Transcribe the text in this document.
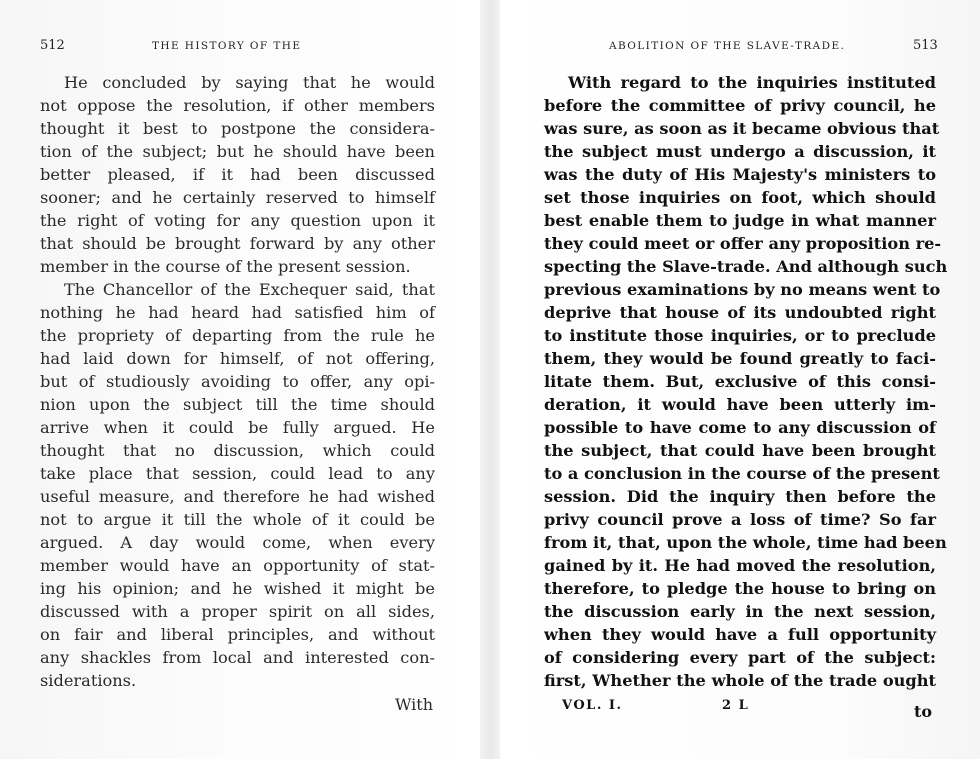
512	THE HISTORY OF THE
He concluded by saying that he would
not oppose the resolution, if other members
thought it best to postpone the considera-
tion of the subject; but he should have been
better pleased, if it had been discussed
sooner; and he certainly reserved to himself
the right of voting for any question upon it
that should be brought forward by any other
member in the course of the present session.
The Chancellor of the Exchequer said, that
nothing he had heard had satisfied him of
the propriety of departing from the rule he
had laid down for himself, of not offering,
but of studiously avoiding to offer, any opi-
nion upon the subject till the time should
arrive when it could be fully argued. He
thought that no discussion, which could
take place that session, could lead to any
useful measure, and therefore he had wished
not to argue it till the whole of it could be
argued. A day would come, when every
member would have an opportunity of stat-
ing his opinion; and he wished it might be
discussed with a proper spirit on all sides,
on fair and liberal principles, and without
any shackles from local and interested con-
siderations.
With
ABOLITION OF THE SLAVE-TRADE.	513
With regard to the inquiries instituted
before the committee of privy council, he
was sure, as soon as it became obvious that
the subject must undergo a discussion, it
was the duty of His Majesty's ministers to
set those inquiries on foot, which should
best enable them to judge in what manner
they could meet or offer any proposition re-
specting the Slave-trade. And although such
previous examinations by no means went to
deprive that house of its undoubted right
to institute those inquiries, or to preclude
them, they would be found greatly to faci-
litate them. But, exclusive of this consi-
deration, it would have been utterly im-
possible to have come to any discussion of
the subject, that could have been brought
to a conclusion in the course of the present
session. Did the inquiry then before the
privy council prove a loss of time? So far
from it, that, upon the whole, time had been
gained by it. He had moved the resolution,
therefore, to pledge the house to bring on
the discussion early in the next session,
when they would have a full opportunity
of considering every part of the subject:
first, Whether the whole of the trade ought
VOL. I.	2 L	to
